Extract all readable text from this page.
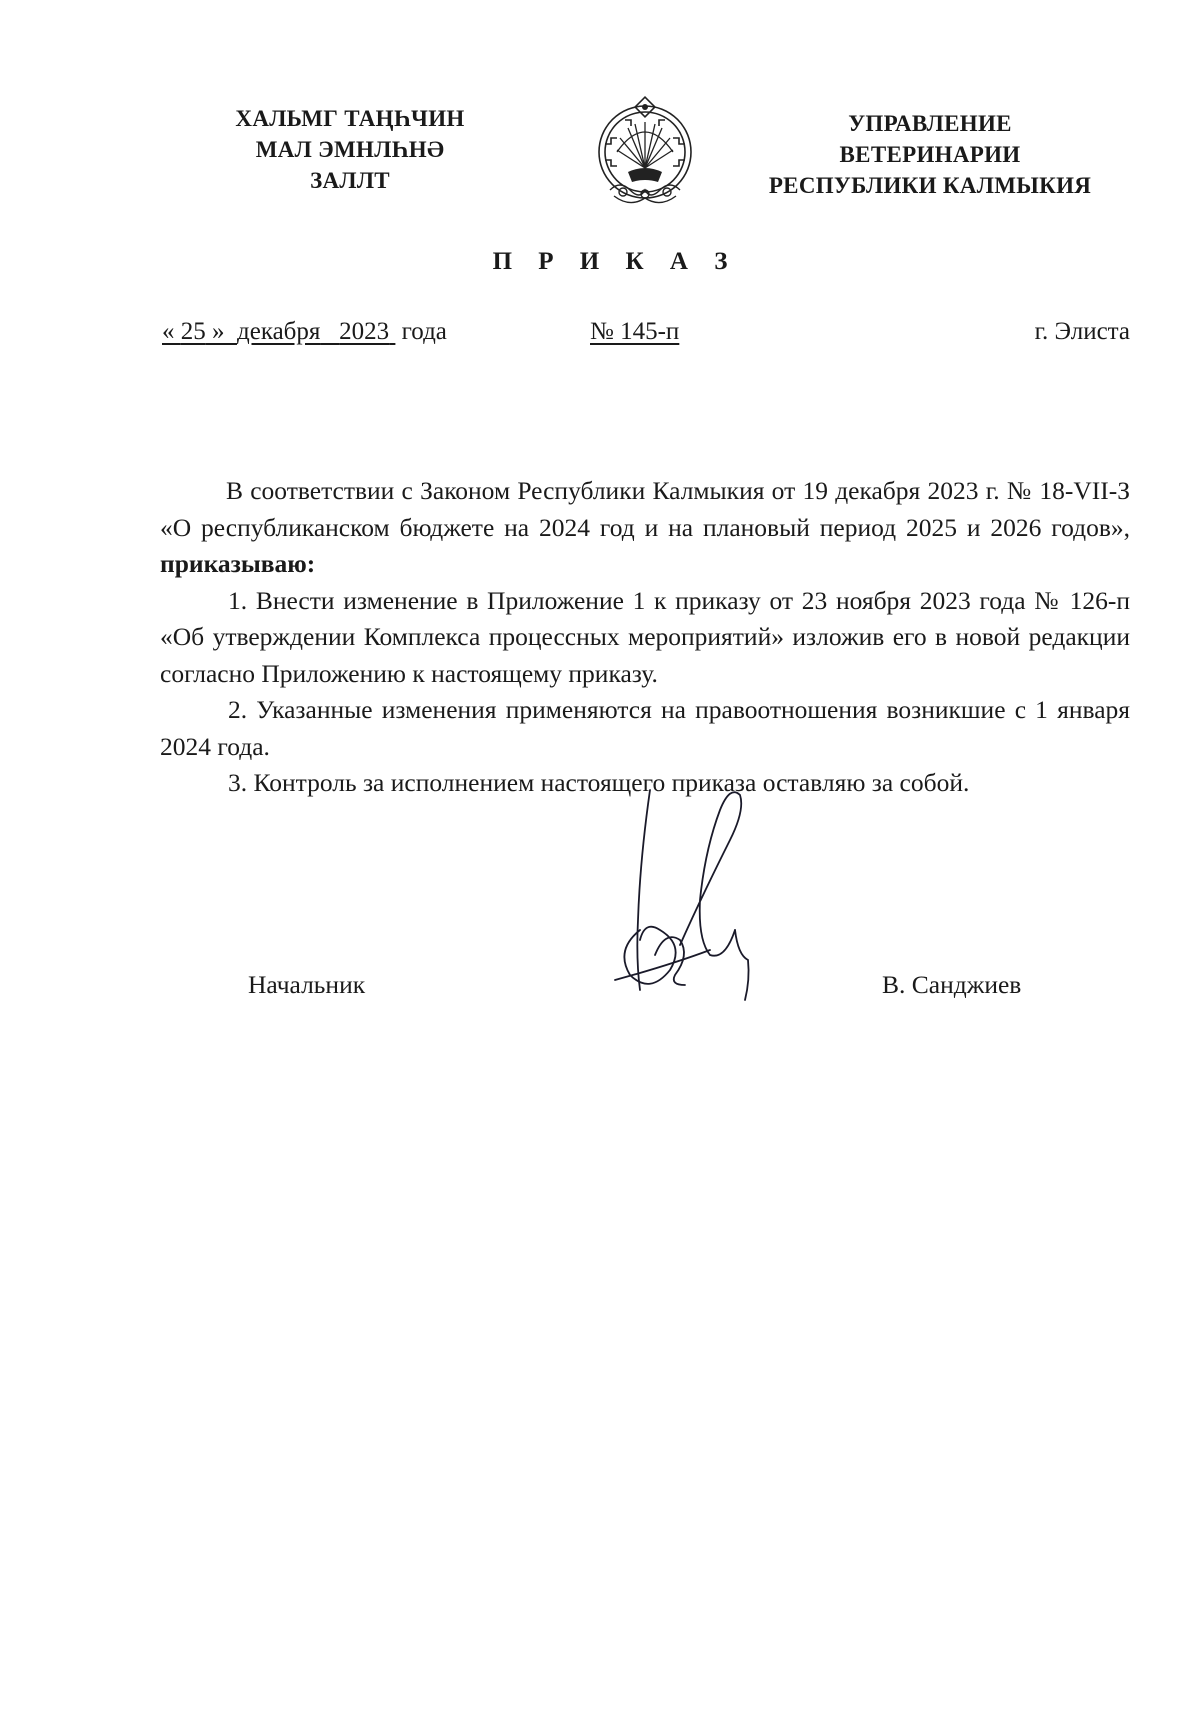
ХАЛЬМГ ТАҢҺЧИН
МАЛ ЭМНЛҺНӘ
ЗАЛЛТ
УПРАВЛЕНИЕ
ВЕТЕРИНАРИИ
РЕСПУБЛИКИ КАЛМЫКИЯ
П Р И К А З
« 25 » декабря 2023 года	№ 145-п	г. Элиста

В соответствии с Законом Республики Калмыкия от 19 декабря 2023 г. № 18-VII-З «О республиканском бюджете на 2024 год и на плановый период 2025 и 2026 годов», приказываю:

1. Внести изменение в Приложение 1 к приказу от 23 ноября 2023 года № 126-п «Об утверждении Комплекса процессных мероприятий» изложив его в новой редакции согласно Приложению к настоящему приказу.

2. Указанные изменения применяются на правоотношения возникшие с 1 января 2024 года.

3. Контроль за исполнением настоящего приказа оставляю за собой.

Начальник	В. Санджиев
